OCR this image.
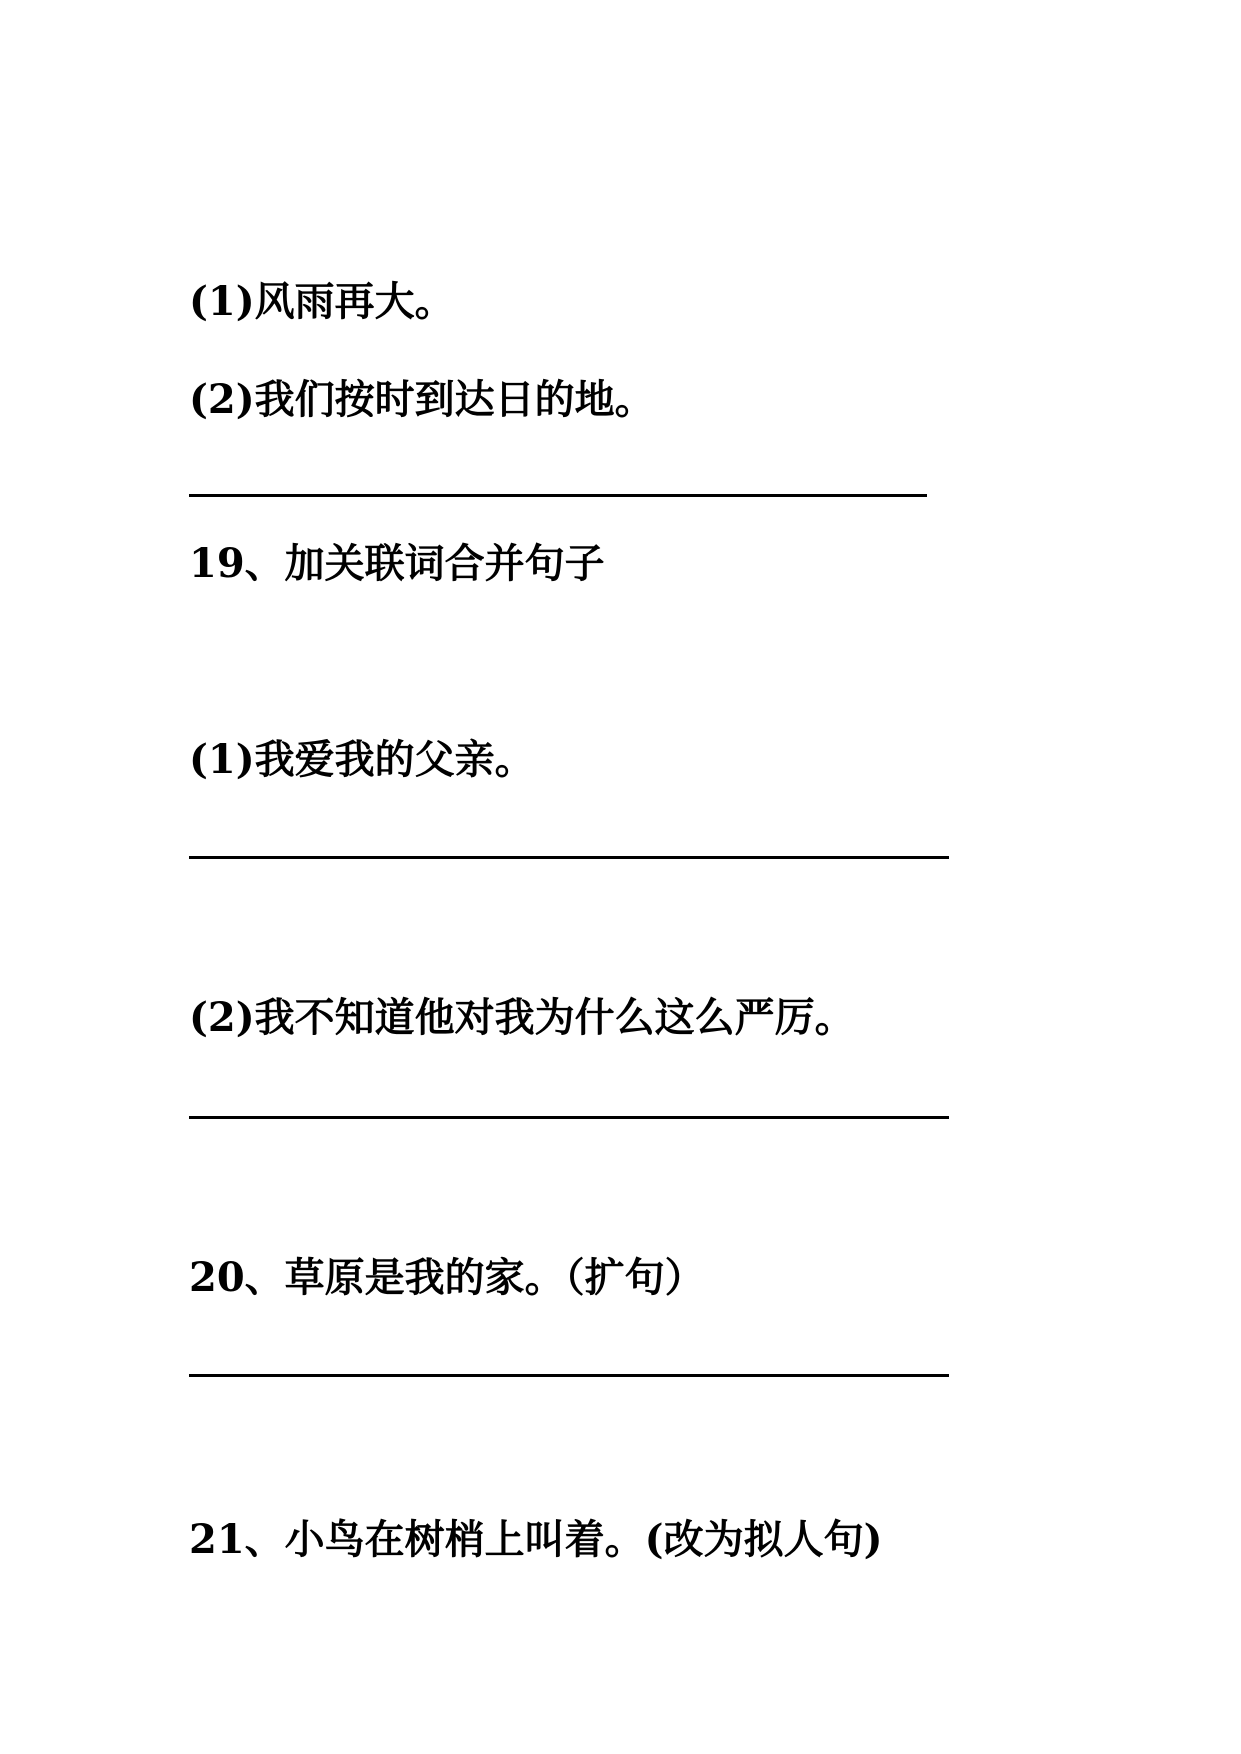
(1)风雨再大。
(2)我们按时到达日的地。
19、加关联词合并句子
(1)我爱我的父亲。
(2)我不知道他对我为什么这么严厉。
20、草原是我的家。（扩句）
21、小鸟在树梢上叫着。(改为拟人句)
